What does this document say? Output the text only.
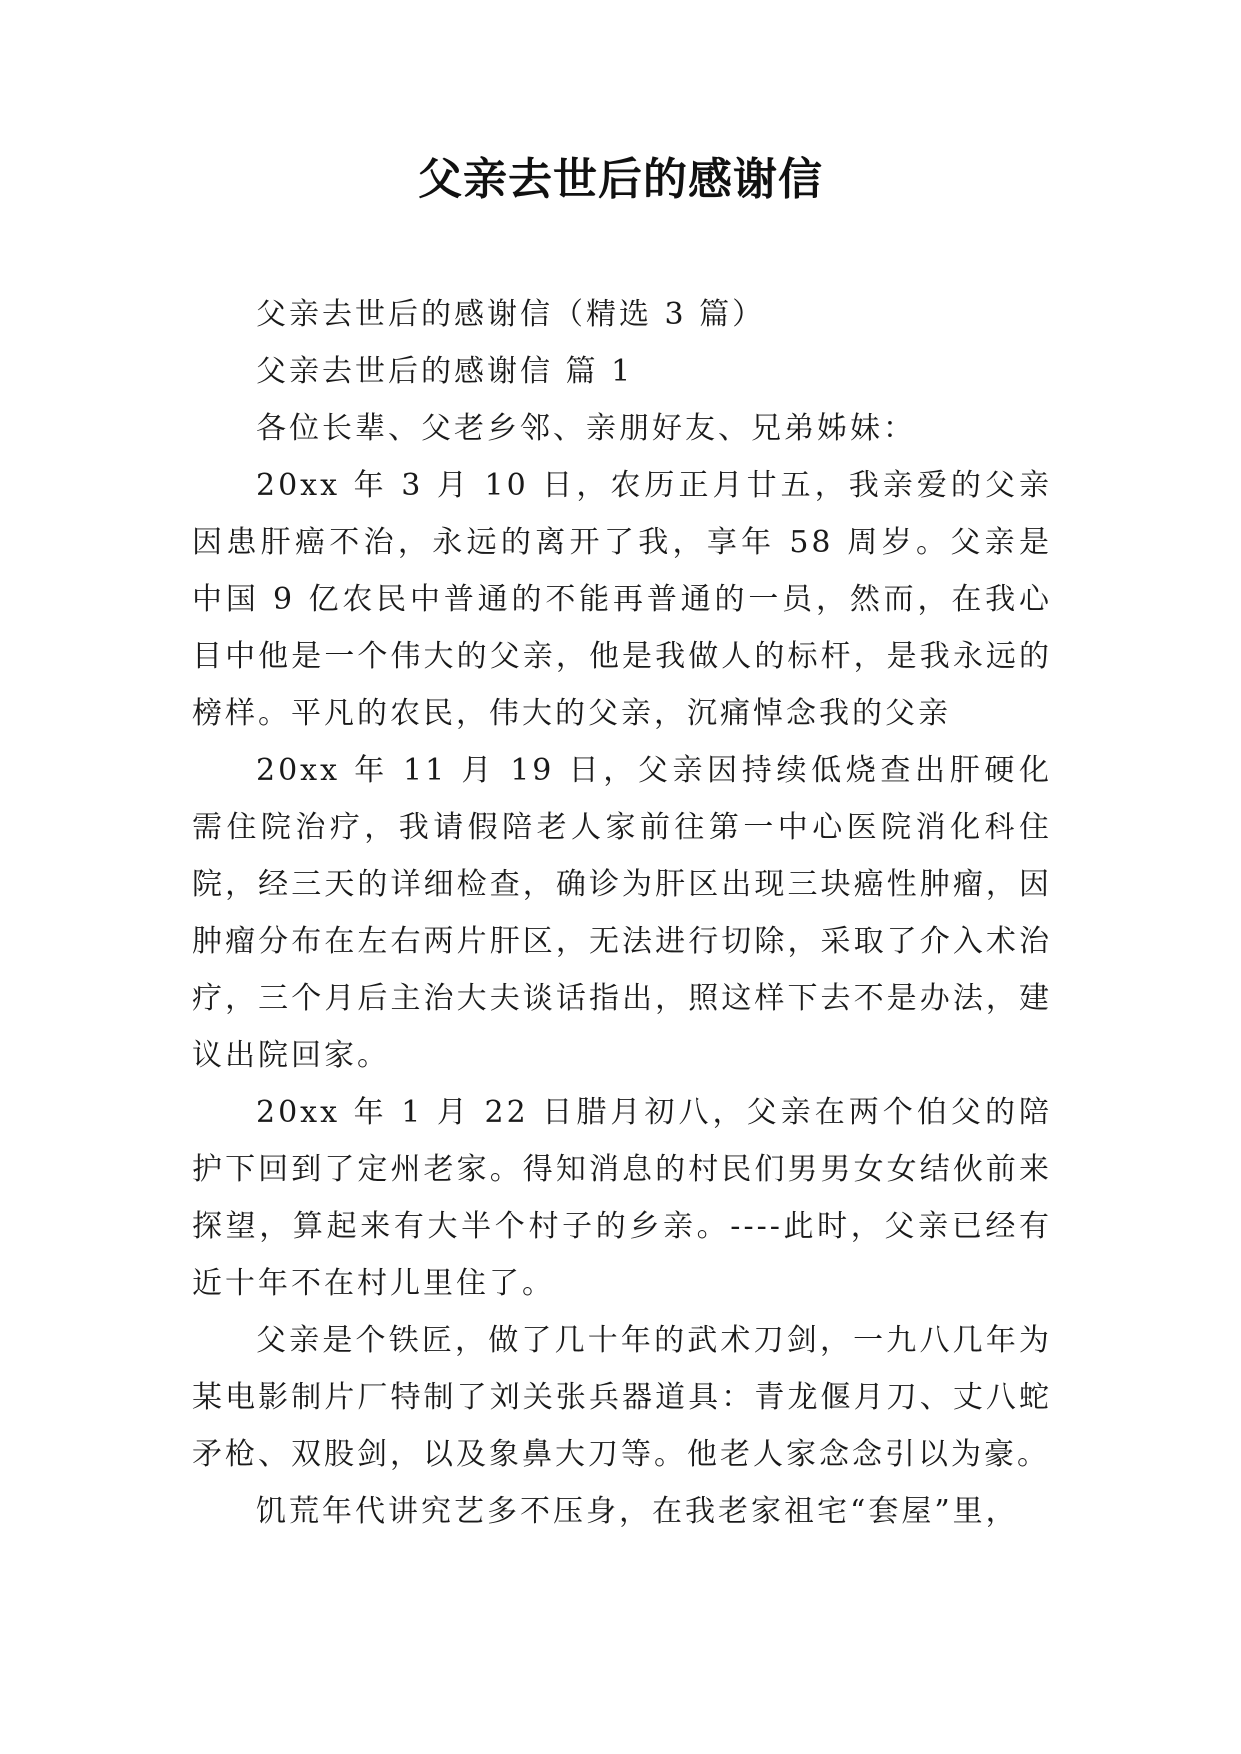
父亲去世后的感谢信

父亲去世后的感谢信（精选 3 篇）

父亲去世后的感谢信 篇 1

各位长辈、父老乡邻、亲朋好友、兄弟姊妹：

20xx 年 3 月 10 日，农历正月廿五，我亲爱的父亲因患肝癌不治，永远的离开了我，享年 58 周岁。父亲是中国 9 亿农民中普通的不能再普通的一员，然而，在我心目中他是一个伟大的父亲，他是我做人的标杆，是我永远的榜样。平凡的农民，伟大的父亲，沉痛悼念我的父亲

20xx 年 11 月 19 日，父亲因持续低烧查出肝硬化需住院治疗，我请假陪老人家前往第一中心医院消化科住院，经三天的详细检查，确诊为肝区出现三块癌性肿瘤，因肿瘤分布在左右两片肝区，无法进行切除，采取了介入术治疗，三个月后主治大夫谈话指出，照这样下去不是办法，建议出院回家。

20xx 年 1 月 22 日腊月初八，父亲在两个伯父的陪护下回到了定州老家。得知消息的村民们男男女女结伙前来探望，算起来有大半个村子的乡亲。----此时，父亲已经有近十年不在村儿里住了。

父亲是个铁匠，做了几十年的武术刀剑，一九八几年为某电影制片厂特制了刘关张兵器道具：青龙偃月刀、丈八蛇矛枪、双股剑，以及象鼻大刀等。他老人家念念引以为豪。

饥荒年代讲究艺多不压身，在我老家祖宅“套屋”里，
